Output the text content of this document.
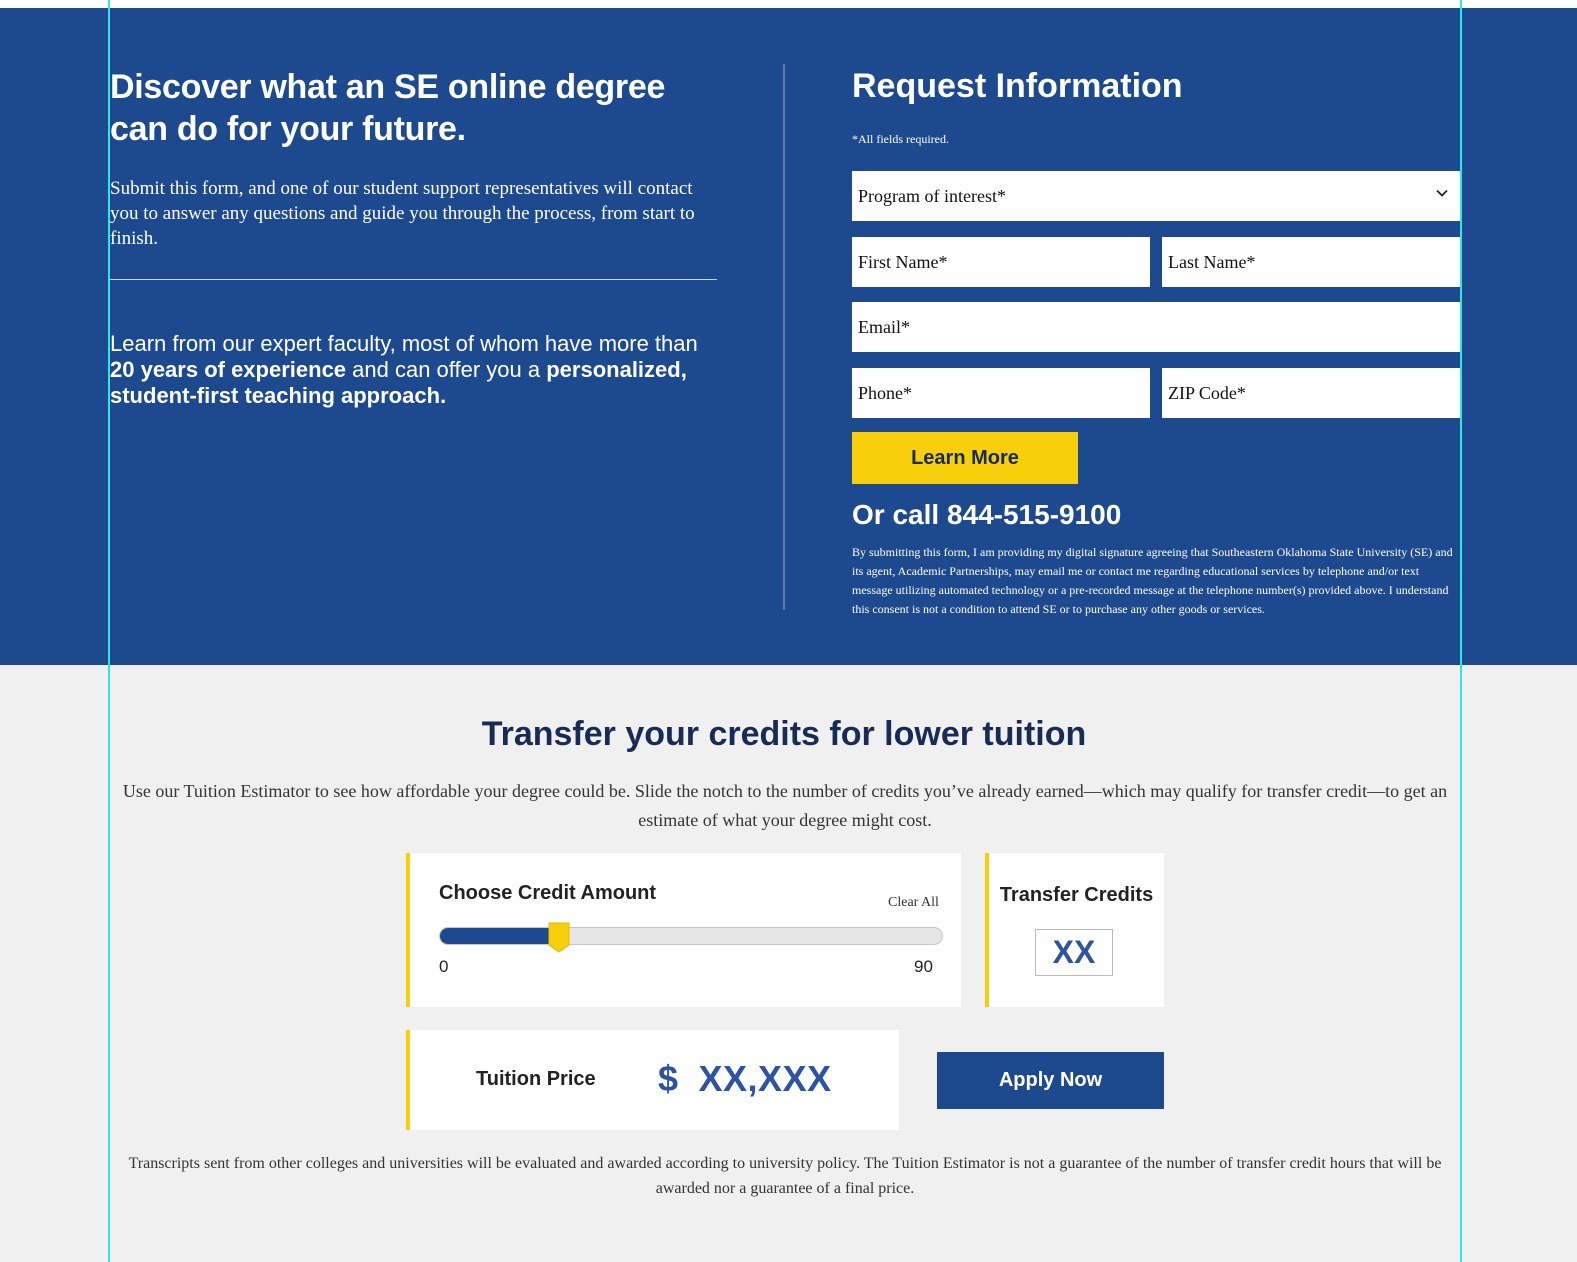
Discover what an SE online degree can do for your future.

Submit this form, and one of our student support representatives will contact you to answer any questions and guide you through the process, from start to finish.

Learn from our expert faculty, most of whom have more than 20 years of experience and can offer you a personalized, student-first teaching approach.

Request Information

*All fields required.

Program of interest*
First Name*	Last Name*
Email*
Phone*	ZIP Code*
Learn More
Or call 844-515-9100

By submitting this form, I am providing my digital signature agreeing that Southeastern Oklahoma State University (SE) and its agent, Academic Partnerships, may email me or contact me regarding educational services by telephone and/or text message utilizing automated technology or a pre-recorded message at the telephone number(s) provided above. I understand this consent is not a condition to attend SE or to purchase any other goods or services.

Transfer your credits for lower tuition

Use our Tuition Estimator to see how affordable your degree could be. Slide the notch to the number of credits you’ve already earned—which may qualify for transfer credit—to get an estimate of what your degree might cost.

Choose Credit Amount	Clear All
0	90
Transfer Credits
XX
Tuition Price $ XX,XXX	Apply Now

Transcripts sent from other colleges and universities will be evaluated and awarded according to university policy. The Tuition Estimator is not a guarantee of the number of transfer credit hours that will be awarded nor a guarantee of a final price.
